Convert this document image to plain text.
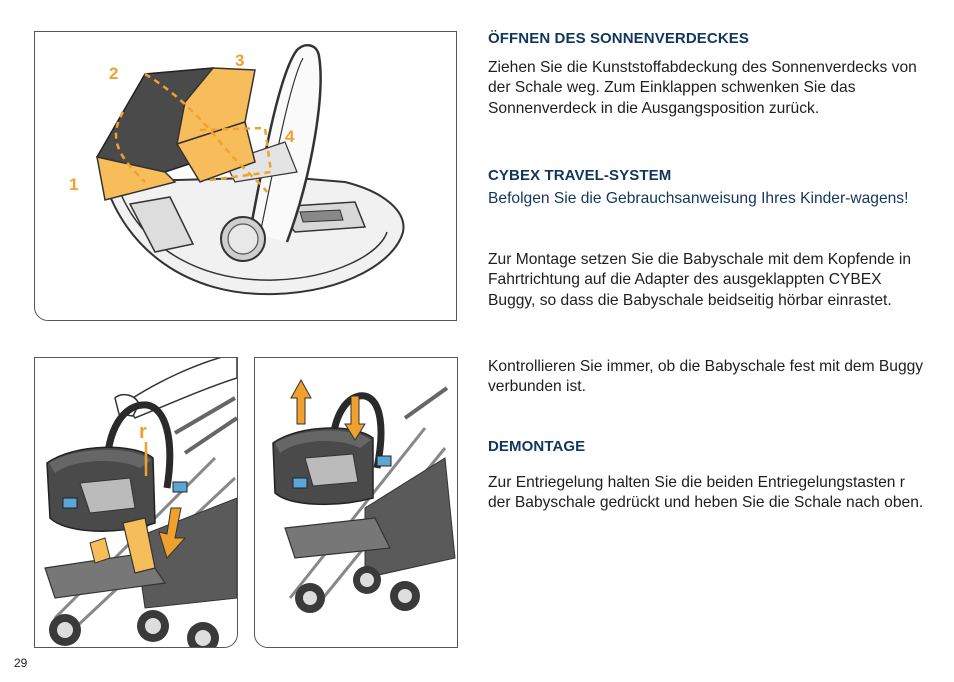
1
2
3
4
r
ÖFFNEN DES SONNENVERDECKES
Ziehen Sie die Kunststoffabdeckung des Sonnenverdecks von der Schale weg. Zum Einklappen schwenken Sie das Sonnenverdeck in die Ausgangsposition zurück.
CYBEX TRAVEL-SYSTEM
Befolgen Sie die Gebrauchsanweisung Ihres Kinder-wagens!
Zur Montage setzen Sie die Babyschale mit dem Kopfende in Fahrtrichtung auf die Adapter des ausgeklappten CYBEX Buggy, so dass die Babyschale beidseitig hörbar einrastet.
Kontrollieren Sie immer, ob die Babyschale fest mit dem Buggy verbunden ist.
DEMONTAGE
Zur Entriegelung halten Sie die beiden Entriegelungstasten r der Babyschale gedrückt und heben Sie die Schale nach oben.
29
